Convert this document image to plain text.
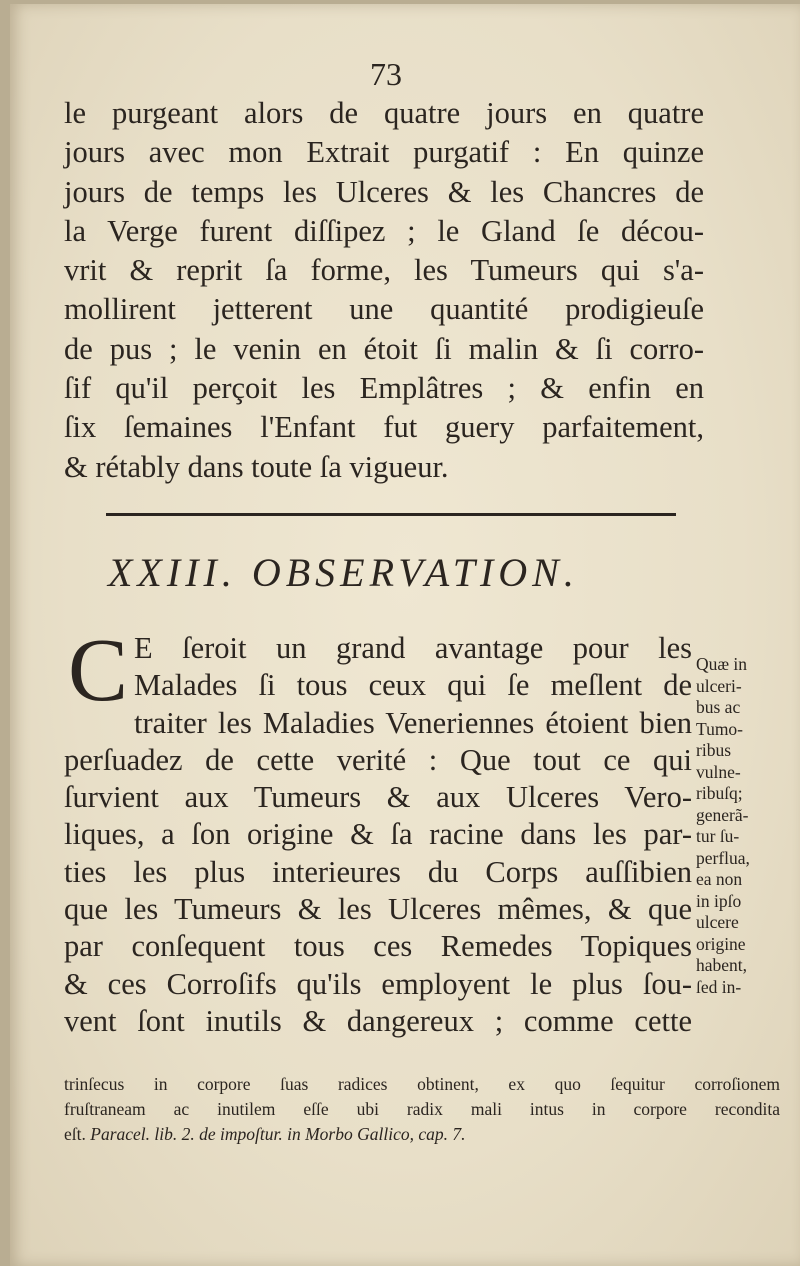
73
le purgeant alors de quatre jours en quatre
jours avec mon Extrait purgatif : En quinze
jours de temps les Ulceres & les Chancres de
la Verge furent diſſipez ; le Gland ſe décou-
vrit & reprit ſa forme, les Tumeurs qui s'a-
mollirent jetterent une quantité prodigieuſe
de pus ; le venin en étoit ſi malin & ſi corro-
ſif qu'il perçoit les Emplâtres ; & enfin en
ſix ſemaines l'Enfant fut guery parfaitement,
& rétably dans toute ſa vigueur.
XXIII. OBSERVATION.
C E ſeroit un grand avantage pour les
Malades ſi tous ceux qui ſe meſlent de
traiter les Maladies Veneriennes étoient bien
perſuadez de cette verité : Que tout ce qui
ſurvient aux Tumeurs & aux Ulceres Vero-
liques, a ſon origine & ſa racine dans les par-
ties les plus interieures du Corps auſſibien
que les Tumeurs & les Ulceres mêmes, & que
par conſequent tous ces Remedes Topiques
& ces Corroſifs qu'ils employent le plus ſou-
vent ſont inutils & dangereux ; comme cette
Quæ in
ulceri-
bus ac
Tumo-
ribus
vulne-
ribuſq;
generã-
tur ſu-
perflua,
ea non
in ipſo
ulcere
origine
habent,
ſed in-
trinſecus in corpore ſuas radices obtinent, ex quo ſequitur corroſionem
fruſtraneam ac inutilem eſſe ubi radix mali intus in corpore recondita
eſt. Paracel. lib. 2. de impoſtur. in Morbo Gallico, cap. 7.
